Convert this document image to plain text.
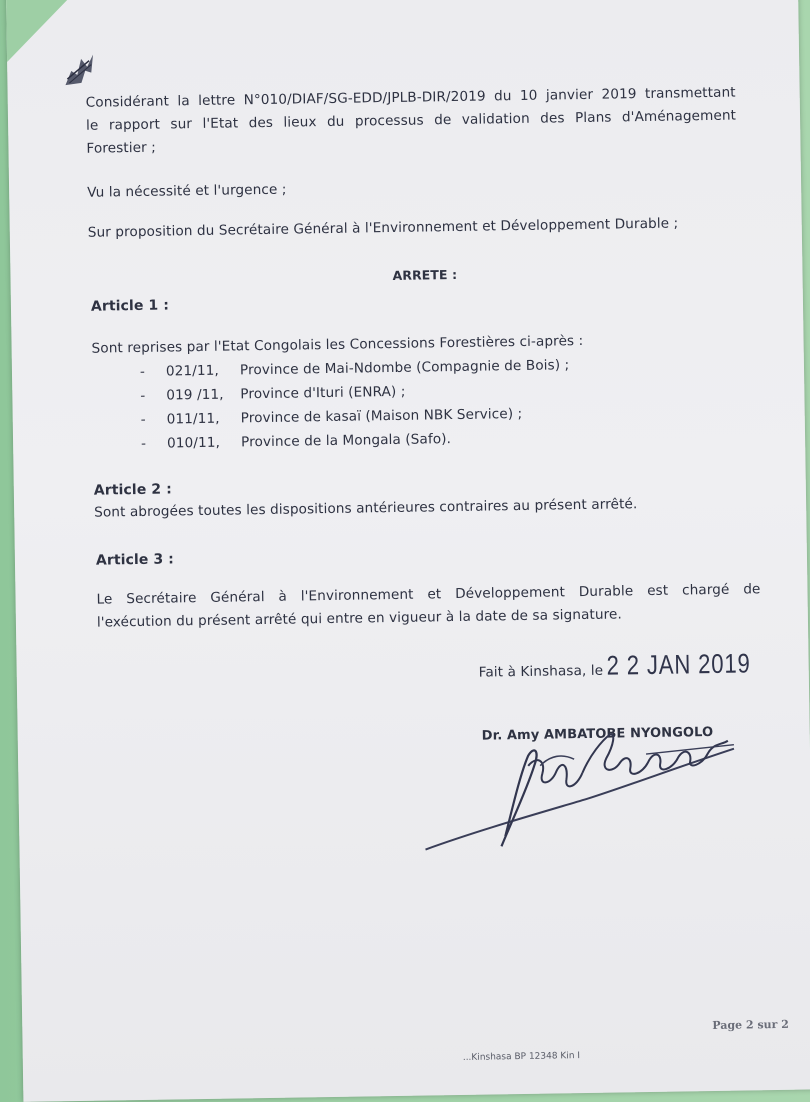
Considérant la lettre N°010/DIAF/SG-EDD/JPLB-DIR/2019 du 10 janvier 2019 transmettant
le rapport sur l'Etat des lieux du processus de validation des Plans d'Aménagement
Forestier ;
Vu la nécessité et l'urgence ;
Sur proposition du Secrétaire Général à l'Environnement et Développement Durable ;
ARRETE :
Article 1 :
Sont reprises par l'Etat Congolais les Concessions Forestières ci-après :
- 021/11, Province de Mai-Ndombe (Compagnie de Bois) ;
- 019 /11, Province d'Ituri (ENRA) ;
- 011/11, Province de kasaï (Maison NBK Service) ;
- 010/11, Province de la Mongala (Safo).
Article 2 :
Sont abrogées toutes les dispositions antérieures contraires au présent arrêté.
Article 3 :
Le Secrétaire Général à l'Environnement et Développement Durable est chargé de
l'exécution du présent arrêté qui entre en vigueur à la date de sa signature.
Fait à Kinshasa, le 2 2 JAN 2019
Dr. Amy AMBATOBE NYONGOLO
Page 2 sur 2
...Kinshasa BP 12348 Kin I
